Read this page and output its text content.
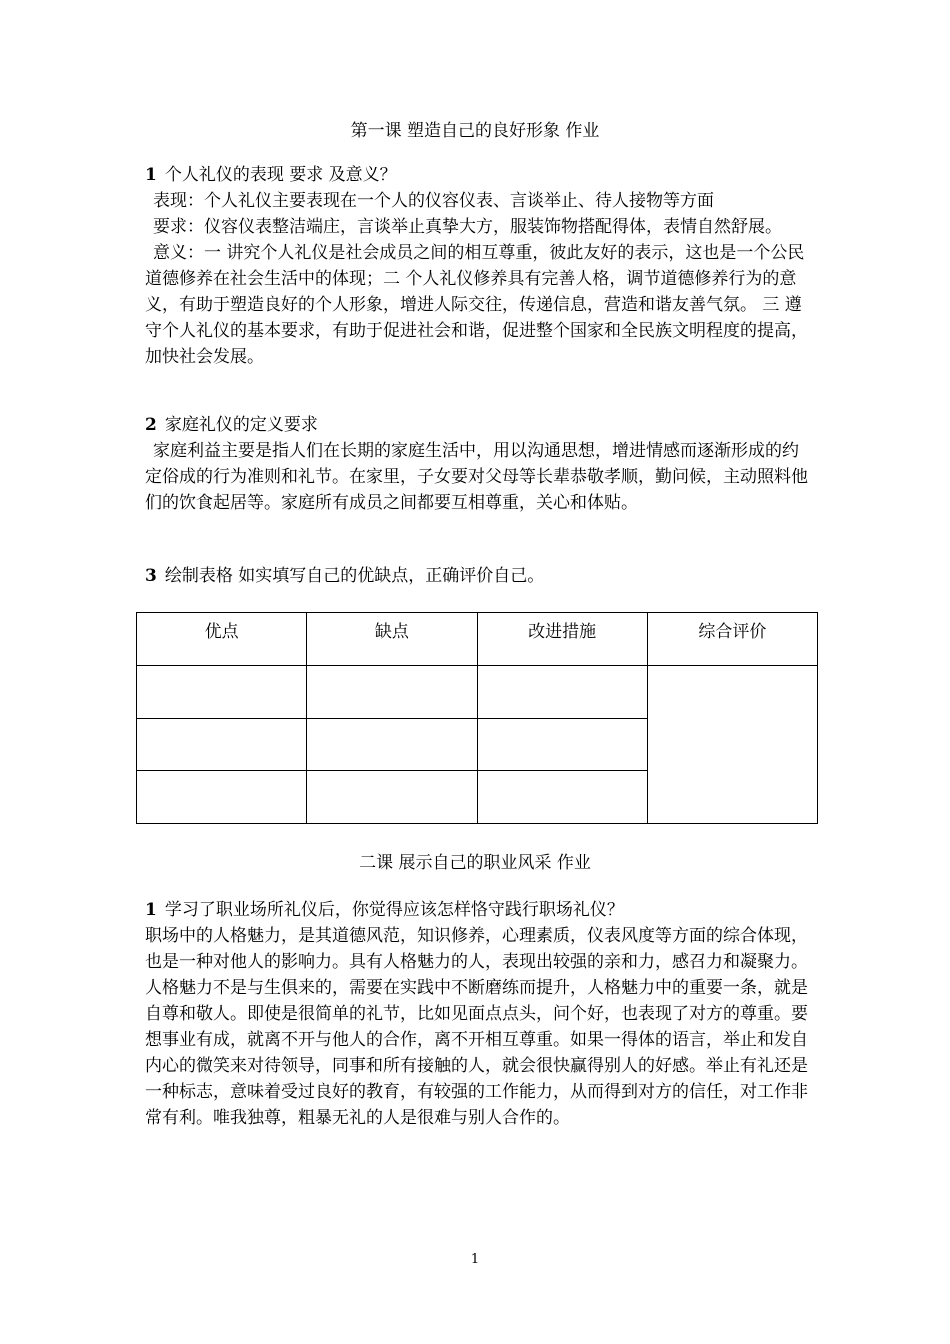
第一课 塑造自己的良好形象 作业
1 个人礼仪的表现 要求 及意义？
表现：个人礼仪主要表现在一个人的仪容仪表、言谈举止、待人接物等方面
要求：仪容仪表整洁端庄，言谈举止真挚大方，服装饰物搭配得体，表情自然舒展。
意义：一 讲究个人礼仪是社会成员之间的相互尊重，彼此友好的表示，这也是一个公民道德修养在社会生活中的体现；二 个人礼仪修养具有完善人格，调节道德修养行为的意义，有助于塑造良好的个人形象，增进人际交往，传递信息，营造和谐友善气氛。 三 遵守个人礼仪的基本要求，有助于促进社会和谐，促进整个国家和全民族文明程度的提高，加快社会发展。
2 家庭礼仪的定义要求
家庭利益主要是指人们在长期的家庭生活中，用以沟通思想，增进情感而逐渐形成的约定俗成的行为准则和礼节。在家里，子女要对父母等长辈恭敬孝顺，勤问候，主动照料他们的饮食起居等。家庭所有成员之间都要互相尊重，关心和体贴。
3 绘制表格 如实填写自己的优缺点，正确评价自己。
优点	缺点	改进措施	综合评价

二课 展示自己的职业风采 作业
1 学习了职业场所礼仪后，你觉得应该怎样恪守践行职场礼仪？
职场中的人格魅力，是其道德风范，知识修养，心理素质，仪表风度等方面的综合体现，也是一种对他人的影响力。具有人格魅力的人，表现出较强的亲和力，感召力和凝聚力。人格魅力不是与生俱来的，需要在实践中不断磨练而提升，人格魅力中的重要一条，就是自尊和敬人。即使是很简单的礼节，比如见面点点头，问个好，也表现了对方的尊重。要想事业有成，就离不开与他人的合作，离不开相互尊重。如果一得体的语言，举止和发自内心的微笑来对待领导，同事和所有接触的人，就会很快赢得别人的好感。举止有礼还是一种标志，意味着受过良好的教育，有较强的工作能力，从而得到对方的信任，对工作非常有利。唯我独尊，粗暴无礼的人是很难与别人合作的。
1
